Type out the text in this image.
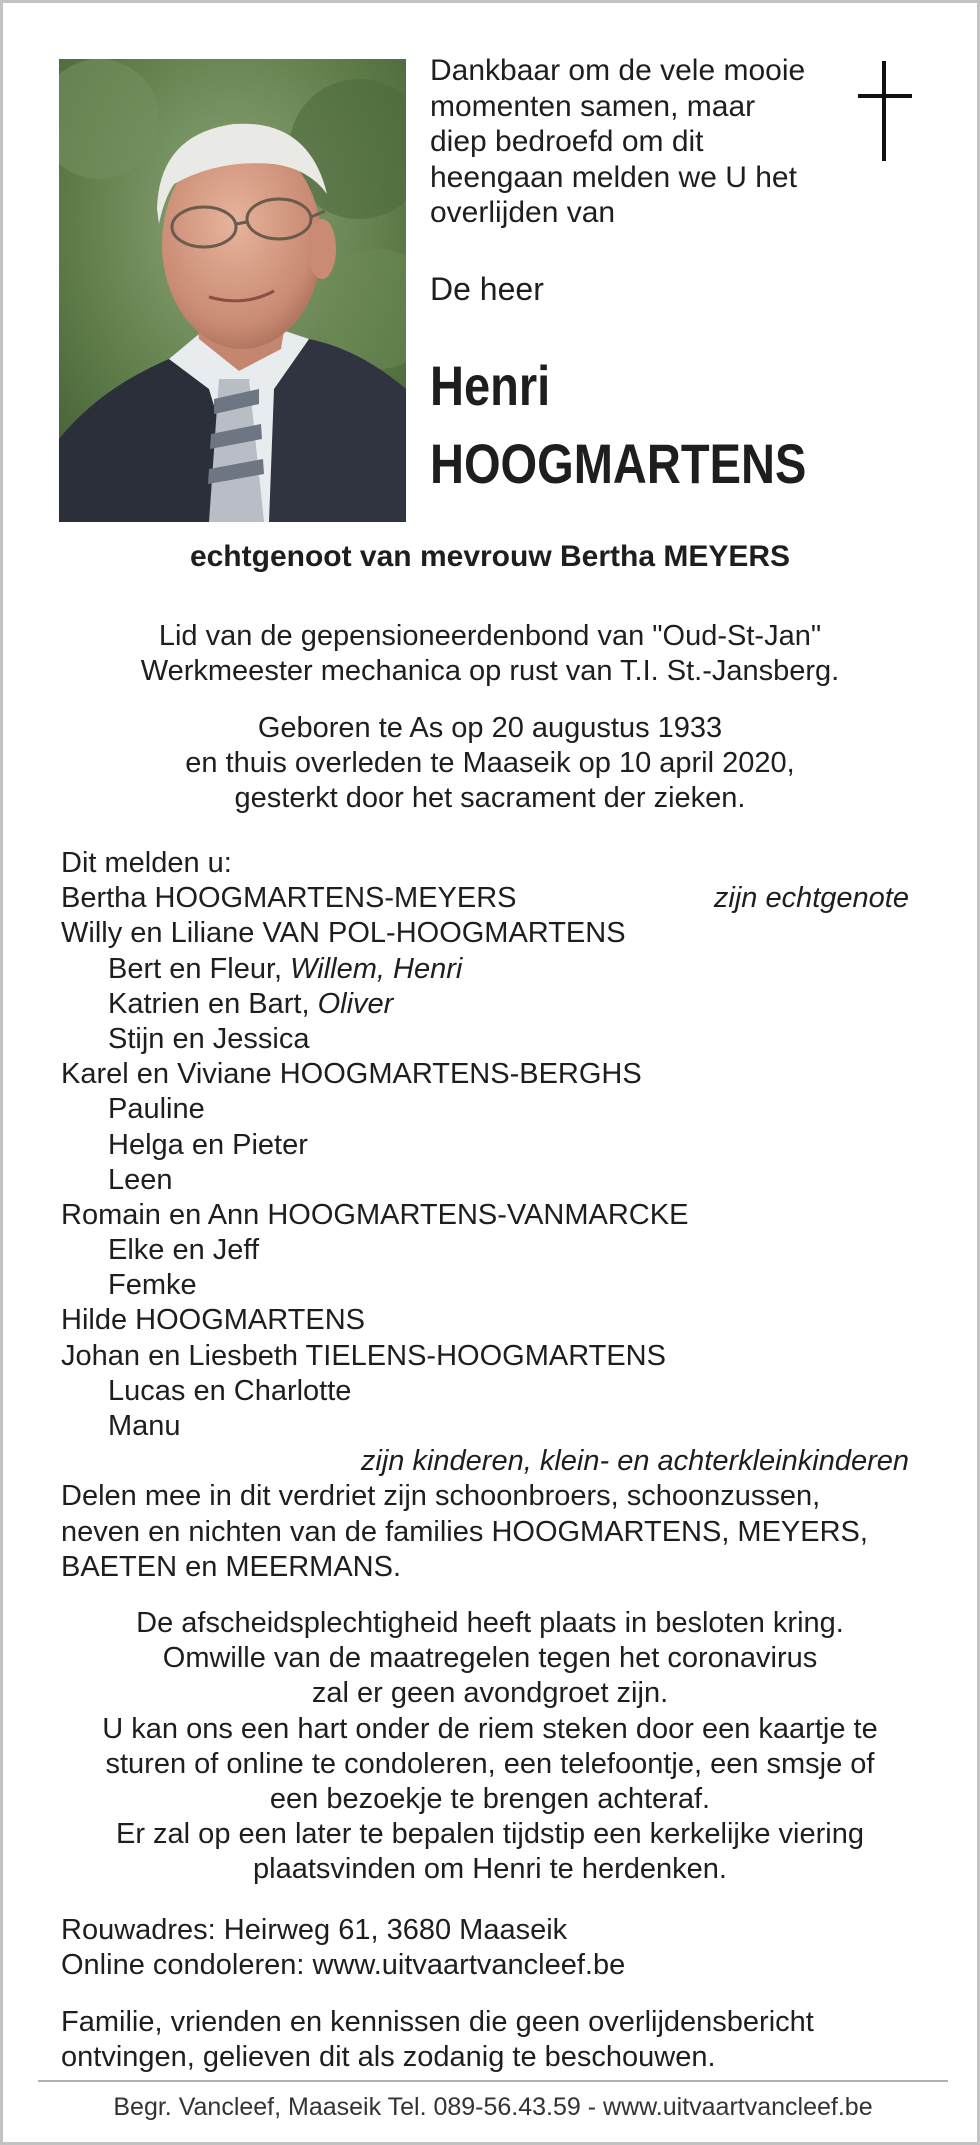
Dankbaar om de vele mooie
momenten samen, maar
diep bedroefd om dit
heengaan melden we U het
overlijden van
De heer
Henri
HOOGMARTENS
echtgenoot van mevrouw Bertha MEYERS
Lid van de gepensioneerdenbond van "Oud-St-Jan"
Werkmeester mechanica op rust van T.I. St.-Jansberg.
Geboren te As op 20 augustus 1933
en thuis overleden te Maaseik op 10 april 2020,
gesterkt door het sacrament der zieken.
Dit melden u:
Bertha HOOGMARTENS-MEYERS	zijn echtgenote
Willy en Liliane VAN POL-HOOGMARTENS
Bert en Fleur, Willem, Henri
Katrien en Bart, Oliver
Stijn en Jessica
Karel en Viviane HOOGMARTENS-BERGHS
Pauline
Helga en Pieter
Leen
Romain en Ann HOOGMARTENS-VANMARCKE
Elke en Jeff
Femke
Hilde HOOGMARTENS
Johan en Liesbeth TIELENS-HOOGMARTENS
Lucas en Charlotte
Manu
zijn kinderen, klein- en achterkleinkinderen
Delen mee in dit verdriet zijn schoonbroers, schoonzussen,
neven en nichten van de families HOOGMARTENS, MEYERS,
BAETEN en MEERMANS.
De afscheidsplechtigheid heeft plaats in besloten kring.
Omwille van de maatregelen tegen het coronavirus
zal er geen avondgroet zijn.
U kan ons een hart onder de riem steken door een kaartje te
sturen of online te condoleren, een telefoontje, een smsje of
een bezoekje te brengen achteraf.
Er zal op een later te bepalen tijdstip een kerkelijke viering
plaatsvinden om Henri te herdenken.
Rouwadres: Heirweg 61, 3680 Maaseik
Online condoleren: www.uitvaartvancleef.be
Familie, vrienden en kennissen die geen overlijdensbericht
ontvingen, gelieven dit als zodanig te beschouwen.
Begr. Vancleef, Maaseik Tel. 089-56.43.59 - www.uitvaartvancleef.be
